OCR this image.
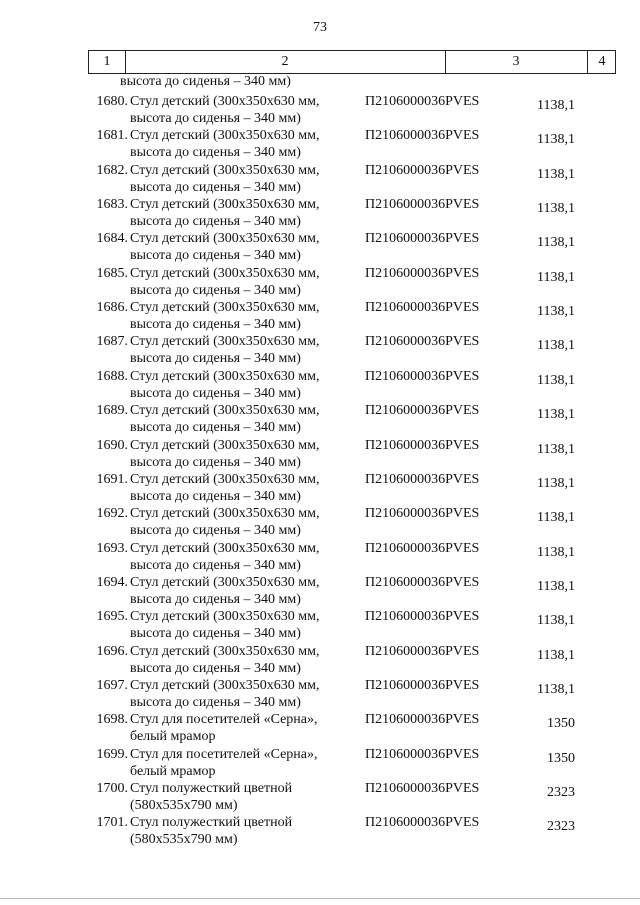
73
1	2	3	4
высота до сиденья – 340 мм)
1680. Стул детский (300x350x630 мм,
высота до сиденья – 340 мм)
П2106000036PVES	1138,1
1681. Стул детский (300x350x630 мм,
высота до сиденья – 340 мм)
П2106000036PVES	1138,1
1682. Стул детский (300x350x630 мм,
высота до сиденья – 340 мм)
П2106000036PVES	1138,1
1683. Стул детский (300x350x630 мм,
высота до сиденья – 340 мм)
П2106000036PVES	1138,1
1684. Стул детский (300x350x630 мм,
высота до сиденья – 340 мм)
П2106000036PVES	1138,1
1685. Стул детский (300x350x630 мм,
высота до сиденья – 340 мм)
П2106000036PVES	1138,1
1686. Стул детский (300x350x630 мм,
высота до сиденья – 340 мм)
П2106000036PVES	1138,1
1687. Стул детский (300x350x630 мм,
высота до сиденья – 340 мм)
П2106000036PVES	1138,1
1688. Стул детский (300x350x630 мм,
высота до сиденья – 340 мм)
П2106000036PVES	1138,1
1689. Стул детский (300x350x630 мм,
высота до сиденья – 340 мм)
П2106000036PVES	1138,1
1690. Стул детский (300x350x630 мм,
высота до сиденья – 340 мм)
П2106000036PVES	1138,1
1691. Стул детский (300x350x630 мм,
высота до сиденья – 340 мм)
П2106000036PVES	1138,1
1692. Стул детский (300x350x630 мм,
высота до сиденья – 340 мм)
П2106000036PVES	1138,1
1693. Стул детский (300x350x630 мм,
высота до сиденья – 340 мм)
П2106000036PVES	1138,1
1694. Стул детский (300x350x630 мм,
высота до сиденья – 340 мм)
П2106000036PVES	1138,1
1695. Стул детский (300x350x630 мм,
высота до сиденья – 340 мм)
П2106000036PVES	1138,1
1696. Стул детский (300x350x630 мм,
высота до сиденья – 340 мм)
П2106000036PVES	1138,1
1697. Стул детский (300x350x630 мм,
высота до сиденья – 340 мм)
П2106000036PVES	1138,1
1698. Стул для посетителей «Серна»,
белый мрамор
П2106000036PVES	1350
1699. Стул для посетителей «Серна»,
белый мрамор
П2106000036PVES	1350
1700. Стул полужесткий цветной
(580x535x790 мм)
П2106000036PVES	2323
1701. Стул полужесткий цветной
(580x535x790 мм)
П2106000036PVES	2323
